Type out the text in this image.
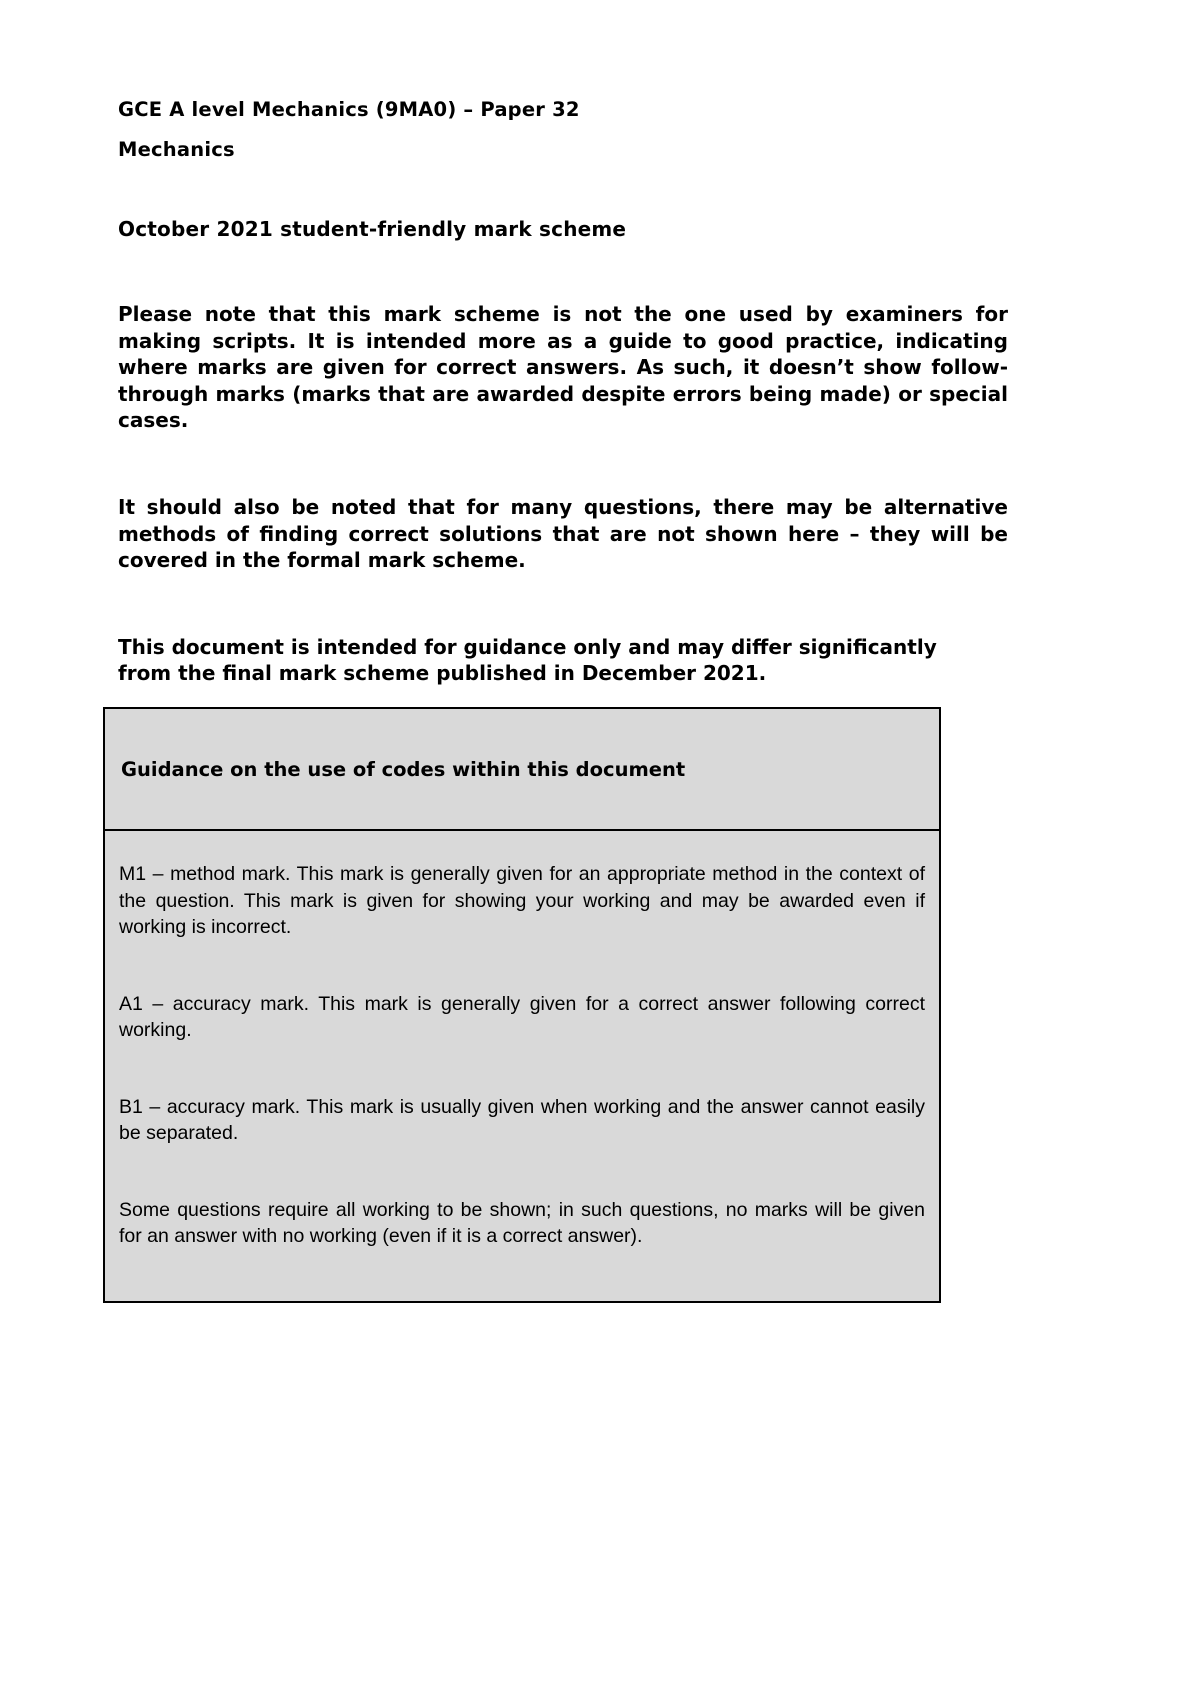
GCE A level Mechanics (9MA0) – Paper 32
Mechanics
October 2021 student-friendly mark scheme
Please note that this mark scheme is not the one used by examiners for making scripts. It is intended more as a guide to good practice, indicating where marks are given for correct answers. As such, it doesn’t show follow-through marks (marks that are awarded despite errors being made) or special cases.
It should also be noted that for many questions, there may be alternative methods of finding correct solutions that are not shown here – they will be covered in the formal mark scheme.
This document is intended for guidance only and may differ significantly from the final mark scheme published in December 2021.
Guidance on the use of codes within this document

M1 – method mark. This mark is generally given for an appropriate method in the context of the question. This mark is given for showing your working and may be awarded even if working is incorrect.

A1 – accuracy mark. This mark is generally given for a correct answer following correct working.

B1 – accuracy mark. This mark is usually given when working and the answer cannot easily be separated.

Some questions require all working to be shown; in such questions, no marks will be given for an answer with no working (even if it is a correct answer).
